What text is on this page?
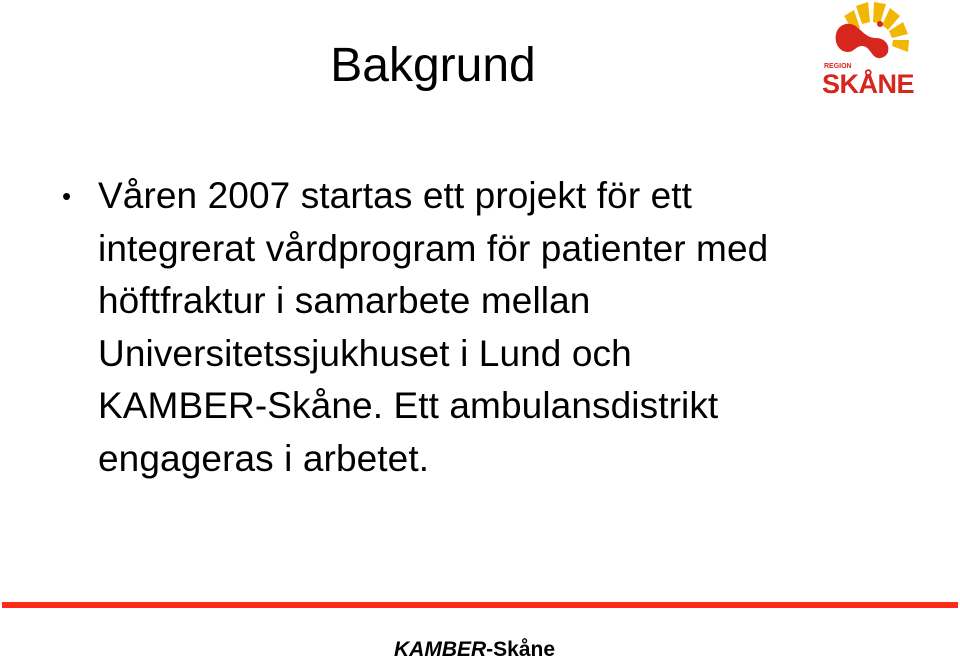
Bakgrund
• Våren 2007 startas ett projekt för ett
integrerat vårdprogram för patienter med
höftfraktur i samarbete mellan
Universitetssjukhuset i Lund och
KAMBER-Skåne. Ett ambulansdistrikt
engageras i arbetet.
REGION
SKÅNE
KAMBER-Skåne
